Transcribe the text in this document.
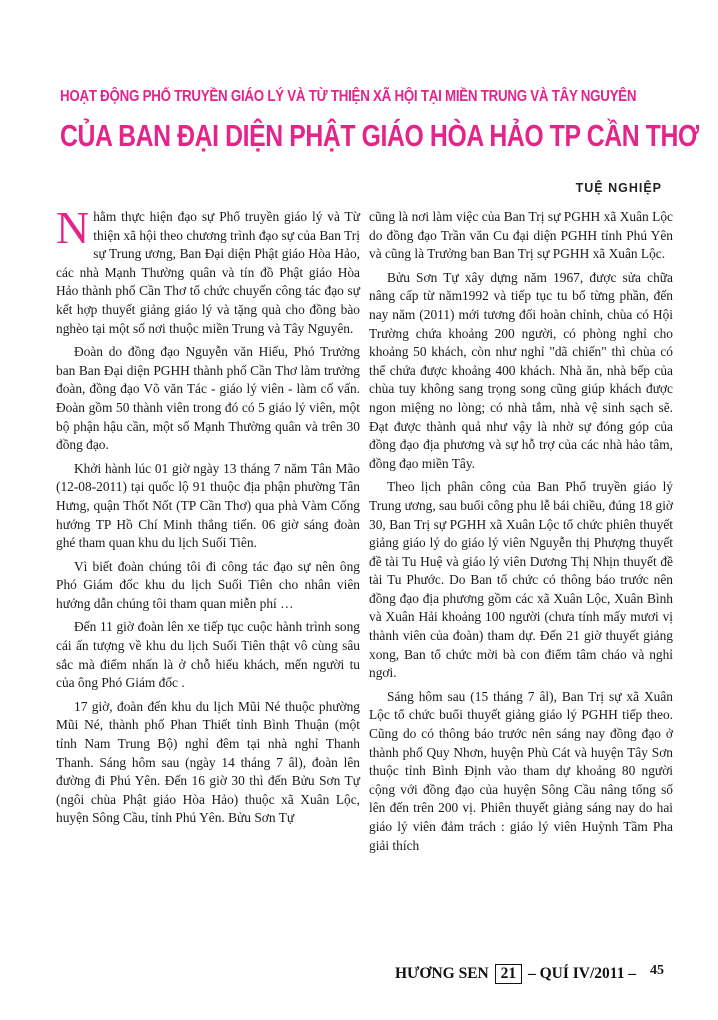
HOẠT ĐỘNG PHỔ TRUYỀN GIÁO LÝ VÀ TỪ THIỆN XÃ HỘI TẠI MIỀN TRUNG VÀ TÂY NGUYÊN
CỦA BAN ĐẠI DIỆN PHẬT GIÁO HÒA HẢO TP CẦN THƠ
TUỆ NGHIỆP

Nhằm thực hiện đạo sự Phổ truyền giáo lý và Từ thiện xã hội theo chương trình đạo sự của Ban Trị sự Trung ương, Ban Đại diện Phật giáo Hòa Hảo, các nhà Mạnh Thường quân và tín đồ Phật giáo Hòa Hảo thành phố Cần Thơ tổ chức chuyến công tác đạo sự kết hợp thuyết giảng giáo lý và tặng quà cho đồng bào nghèo tại một số nơi thuộc miền Trung và Tây Nguyên.

Đoàn do đồng đạo Nguyễn văn Hiếu, Phó Trưởng ban Ban Đại diện PGHH thành phố Cần Thơ làm trưởng đoàn, đồng đạo Võ văn Tác - giáo lý viên - làm cố vấn. Đoàn gồm 50 thành viên trong đó có 5 giáo lý viên, một bộ phận hậu cần, một số Mạnh Thường quân và trên 30 đồng đạo.

Khởi hành lúc 01 giờ ngày 13 tháng 7 năm Tân Mão (12-08-2011) tại quốc lộ 91 thuộc địa phận phường Tân Hưng, quận Thốt Nốt (TP Cần Thơ) qua phà Vàm Cống hướng TP Hồ Chí Minh thẳng tiến. 06 giờ sáng đoàn ghé tham quan khu du lịch Suối Tiên.

Vì biết đoàn chúng tôi đi công tác đạo sự nên ông Phó Giám đốc khu du lịch Suối Tiên cho nhân viên hướng dẫn chúng tôi tham quan miễn phí …

Đến 11 giờ đoàn lên xe tiếp tục cuộc hành trình song cái ấn tượng về khu du lịch Suối Tiên thật vô cùng sâu sắc mà điểm nhấn là ở chỗ hiếu khách, mến người tu của ông Phó Giám đốc .

17 giờ, đoàn đến khu du lịch Mũi Né thuộc phường Mũi Né, thành phố Phan Thiết tỉnh Bình Thuận (một tỉnh Nam Trung Bộ) nghỉ đêm tại nhà nghỉ Thanh Thanh. Sáng hôm sau (ngày 14 tháng 7 âl), đoàn lên đường đi Phú Yên. Đến 16 giờ 30 thì đến Bửu Sơn Tự (ngôi chùa Phật giáo Hòa Hảo) thuộc xã Xuân Lộc, huyện Sông Cầu, tỉnh Phú Yên. Bửu Sơn Tự

cũng là nơi làm việc của Ban Trị sự PGHH xã Xuân Lộc do đồng đạo Trần văn Cu đại diện PGHH tỉnh Phú Yên và cũng là Trưởng ban Ban Trị sự PGHH xã Xuân Lộc.

Bửu Sơn Tự xây dựng năm 1967, được sửa chữa nâng cấp từ năm1992 và tiếp tục tu bổ từng phần, đến nay năm (2011) mới tương đối hoàn chỉnh, chùa có Hội Trường chứa khoảng 200 người, có phòng nghỉ cho khoảng 50 khách, còn như nghỉ "dã chiến" thì chùa có thể chứa được khoảng 400 khách. Nhà ăn, nhà bếp của chùa tuy không sang trọng song cũng giúp khách được ngon miệng no lòng; có nhà tắm, nhà vệ sinh sạch sẽ. Đạt được thành quả như vậy là nhờ sự đóng góp của đồng đạo địa phương và sự hỗ trợ của các nhà hảo tâm, đồng đạo miền Tây.

Theo lịch phân công của Ban Phổ truyền giáo lý Trung ương, sau buổi công phu lễ bái chiều, đúng 18 giờ 30, Ban Trị sự PGHH xã Xuân Lộc tổ chức phiên thuyết giảng giáo lý do giáo lý viên Nguyễn thị Phượng thuyết đề tài Tu Huệ và giáo lý viên Dương Thị Nhịn thuyết đề tài Tu Phước. Do Ban tổ chức có thông báo trước nên đồng đạo địa phương gồm các xã Xuân Lộc, Xuân Bình và Xuân Hải khoảng 100 người (chưa tính mấy mươi vị thành viên của đoàn) tham dự. Đến 21 giờ thuyết giảng xong, Ban tổ chức mời bà con điểm tâm cháo và nghỉ ngơi.

Sáng hôm sau (15 tháng 7 âl), Ban Trị sự xã Xuân Lộc tổ chức buổi thuyết giảng giáo lý PGHH tiếp theo. Cũng do có thông báo trước nên sáng nay đồng đạo ở thành phố Quy Nhơn, huyện Phù Cát và huyện Tây Sơn thuộc tỉnh Bình Định vào tham dự khoảng 80 người cộng với đồng đạo của huyện Sông Cầu nâng tổng số lên đến trên 200 vị. Phiên thuyết giảng sáng nay do hai giáo lý viên đảm trách : giáo lý viên Huỳnh Tầm Pha giải thích

HƯƠNG SEN 21 – QUÍ IV/2011 – 45
